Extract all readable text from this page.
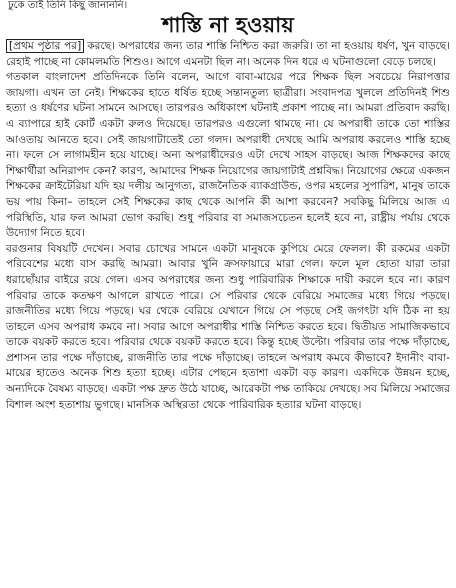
ঢুকে তাই তিনি কিছু জানাননি।
শাস্তি না হওয়ায়

[প্রথম পৃষ্ঠার পর] করছে। অপরাধের জন্য তার শাস্তি নিশ্চিত করা জরুরি। তা না হওয়ায় ধর্ষণ, খুন বাড়ছে। রেহাই পাচ্ছে না কোমলমতি শিশুও। আগে এমনটা ছিল না। অনেক দিন ধরে এ ঘটনাগুলো বেড়ে চলছে।

গতকাল বাংলাদেশ প্রতিদিনকে তিনি বলেন, আগে বাবা-মায়ের পরে শিক্ষক ছিল সবচেয়ে নিরাপত্তার জায়গা। এখন তা নেই। শিক্ষকের হাতে ধর্ষিত হচ্ছে সন্তানতুল্য ছাত্রীরা। সংবাদপত্র খুললে প্রতিদিনই শিশু হত্যা ও ধর্ষণের ঘটনা সামনে আসছে। তারপরও অধিকাংশ ঘটনাই প্রকাশ পাচ্ছে না। আমরা প্রতিবাদ করছি। এ ব্যাপারে হাই কোর্ট একটা রুলও দিয়েছে। তারপরও এগুলো থামছে না। যে অপরাধী তাকে তো শাস্তির আওতায় আনতে হবে। সেই জায়গাটাতেই তো গলদ। অপরাধী দেখছে আমি অপরাধ করলেও শাস্তি হচ্ছে না। ফলে সে লাগামহীন হয়ে যাচ্ছে। অন্য অপরাধীদেরও এটা দেখে সাহস বাড়ছে। আজ শিক্ষকদের কাছে শিক্ষার্থীরা অনিরাপদ কেন? কারণ, আমাদের শিক্ষক নিয়োগের জায়গাটাই প্রশ্নবিদ্ধ। নিয়োগের ক্ষেত্রে একজন শিক্ষকের ক্রাইটেরিয়া যদি হয় দলীয় আনুগত্য, রাজনৈতিক ব্যাকগ্রাউন্ড, ওপর মহলের সুপারিশ, মানুষ তাকে ভয় পায় কিনা– তাহলে সেই শিক্ষকের কাছ থেকে আপনি কী আশা করবেন? সবকিছু মিলিয়ে আজ এ পরিস্থিতি, যার ফল আমরা ভোগ করছি। শুধু পরিবার বা সমাজসচেতন হলেই হবে না, রাষ্ট্রীয় পর্যায় থেকে উদ্যোগ নিতে হবে।

বরগুনার বিষয়টি দেখেন। সবার চোখের সামনে একটা মানুষকে কুপিয়ে মেরে ফেলল। কী রকমের একটা পরিবেশের মধ্যে বাস করছি আমরা। আবার খুনি ক্রসফায়ারে মারা গেল। ফলে মূল হোতা যারা তারা ধরাছোঁয়ার বাইরে রয়ে গেল। এসব অপরাধের জন্য শুধু পারিবারিক শিক্ষাকে দায়ী করলে হবে না। কারণ পরিবার তাকে কতক্ষণ আগলে রাখতে পারে। সে পরিবার থেকে বেরিয়ে সমাজের মধ্যে গিয়ে পড়ছে। রাজনীতির মধ্যে গিয়ে পড়ছে। ঘর থেকে বেরিয়ে যেখানে গিয়ে সে পড়ছে সেই জগৎটা যদি ঠিক না হয় তাহলে এসব অপরাধ কমবে না। সবার আগে অপরাধীর শাস্তি নিশ্চিত করতে হবে। দ্বিতীয়ত সামাজিকভাবে তাকে বয়কট করতে হবে। পরিবার থেকে বয়কট করতে হবে। কিন্তু হচ্ছে উল্টো। পরিবার তার পক্ষে দাঁড়াচ্ছে, প্রশাসন তার পক্ষে দাঁড়াচ্ছে, রাজনীতি তার পক্ষে দাঁড়াচ্ছে। তাহলে অপরাধ কমবে কীভাবে? ইদানীং বাবা-মায়ের হাতেও অনেক শিশু হত্যা হচ্ছে। এটার পেছনে হতাশা একটা বড় কারণ। একদিকে উন্নয়ন হচ্ছে, অন্যদিকে বৈষম্য বাড়ছে। একটা পক্ষ দ্রুত উঠে যাচ্ছে, আরেকটা পক্ষ তাকিয়ে দেখছে। সব মিলিয়ে সমাজের বিশাল অংশ হতাশায় ভুগছে। মানসিক অস্থিরতা থেকে পারিবারিক হত্যার ঘটনা বাড়ছে।
